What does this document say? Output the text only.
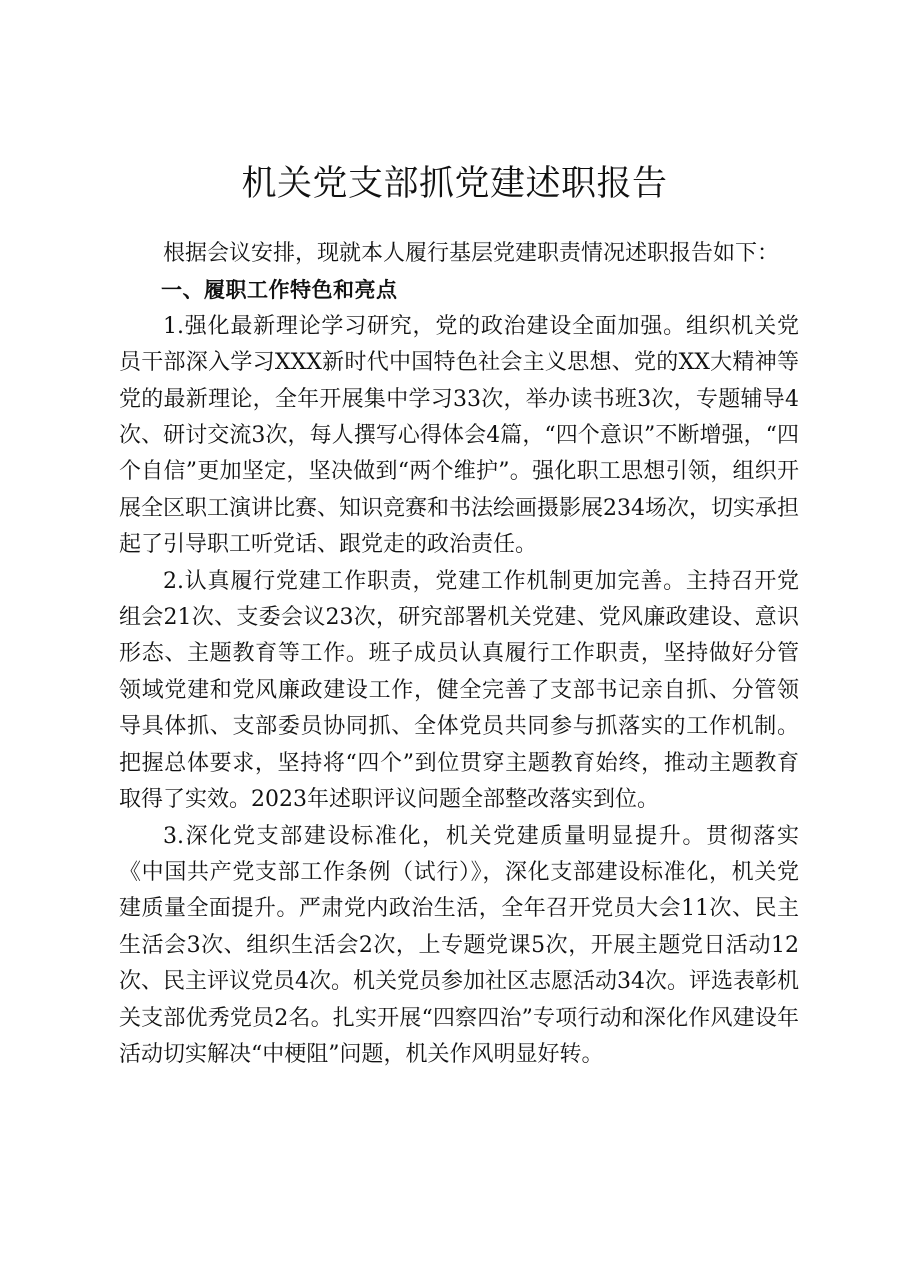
机关党支部抓党建述职报告

根据会议安排，现就本人履行基层党建职责情况述职报告如下：

一、履职工作特色和亮点

1.强化最新理论学习研究，党的政治建设全面加强。组织机关党员干部深入学习XXX新时代中国特色社会主义思想、党的XX大精神等党的最新理论，全年开展集中学习33次，举办读书班3次，专题辅导4次、研讨交流3次，每人撰写心得体会4篇，“四个意识”不断增强，“四个自信”更加坚定，坚决做到“两个维护”。强化职工思想引领，组织开展全区职工演讲比赛、知识竞赛和书法绘画摄影展234场次，切实承担起了引导职工听党话、跟党走的政治责任。

2.认真履行党建工作职责，党建工作机制更加完善。主持召开党组会21次、支委会议23次，研究部署机关党建、党风廉政建设、意识形态、主题教育等工作。班子成员认真履行工作职责，坚持做好分管领域党建和党风廉政建设工作，健全完善了支部书记亲自抓、分管领导具体抓、支部委员协同抓、全体党员共同参与抓落实的工作机制。把握总体要求，坚持将“四个”到位贯穿主题教育始终，推动主题教育取得了实效。2023年述职评议问题全部整改落实到位。

3.深化党支部建设标准化，机关党建质量明显提升。贯彻落实《中国共产党支部工作条例（试行）》，深化支部建设标准化，机关党建质量全面提升。严肃党内政治生活，全年召开党员大会11次、民主生活会3次、组织生活会2次，上专题党课5次，开展主题党日活动12次、民主评议党员4次。机关党员参加社区志愿活动34次。评选表彰机关支部优秀党员2名。扎实开展“四察四治”专项行动和深化作风建设年活动切实解决“中梗阻”问题，机关作风明显好转。
